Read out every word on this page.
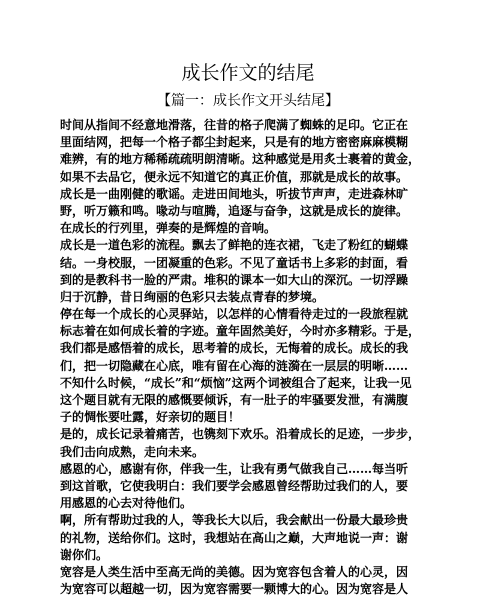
成长作文的结尾
【篇一：成长作文开头结尾】
时间从指间不经意地滑落，往昔的格子爬满了蜘蛛的足印。它正在
里面结网，把每一个格子都尘封起来，只是有的地方密密麻麻模糊
难辨，有的地方稀稀疏疏明朗清晰。这种感觉是用炙士裹着的黄金，
如果不去品它，便永远不知道它的真正价值，那就是成长的故事。
成长是一曲刚健的歌谣。走进田间地头，听拔节声声，走进森林旷
野，听万籁和鸣。喙动与喧腾，追逐与奋争，这就是成长的旋律。
在成长的行列里，弹奏的是辉煌的音响。
成长是一道色彩的流程。飘去了鲜艳的连衣裙，飞走了粉红的蝴蝶
结。一身校服，一团凝重的色彩。不见了童话书上多彩的封面，看
到的是教科书一脸的严肃。堆积的课本一如大山的深沉。一切浮躁
归于沉静，昔日绚丽的色彩只去装点青春的梦境。
停在每一个成长的心灵驿站，以怎样的心情看待走过的一段旅程就
标志着在如何成长着的字迹。童年固然美好，今时亦多精彩。于是，
我们都是感悟着的成长，思考着的成长，无悔着的成长。成长的我
们，把一切隐藏在心底，唯有留在心海的涟漪在一层层的明晰……
不知什么时候，“成长”和“烦恼”这两个词被组合了起来，让我一见
这个题目就有无限的感慨要倾诉，有一肚子的牢骚要发泄，有满腹
子的惆怅要吐露，好亲切的题目！
是的，成长记录着痛苦，也镌刻下欢乐。沿着成长的足迹，一步步，
我们击向成熟，走向未来。
感恩的心，感谢有你，伴我一生，让我有勇气做我自己……每当听
到这首歌，它使我明白：我们要学会感恩曾经帮助过我们的人，要
用感恩的心去对待他们。
啊，所有帮助过我的人，等我长大以后，我会献出一份最大最珍贵
的礼物，送给你们。这时，我想站在高山之巅，大声地说一声：谢
谢你们。
宽容是人类生活中至高无尚的美德。因为宽容包含着人的心灵，因
为宽容可以超越一切，因为宽容需要一颗博大的心。因为宽容是人
